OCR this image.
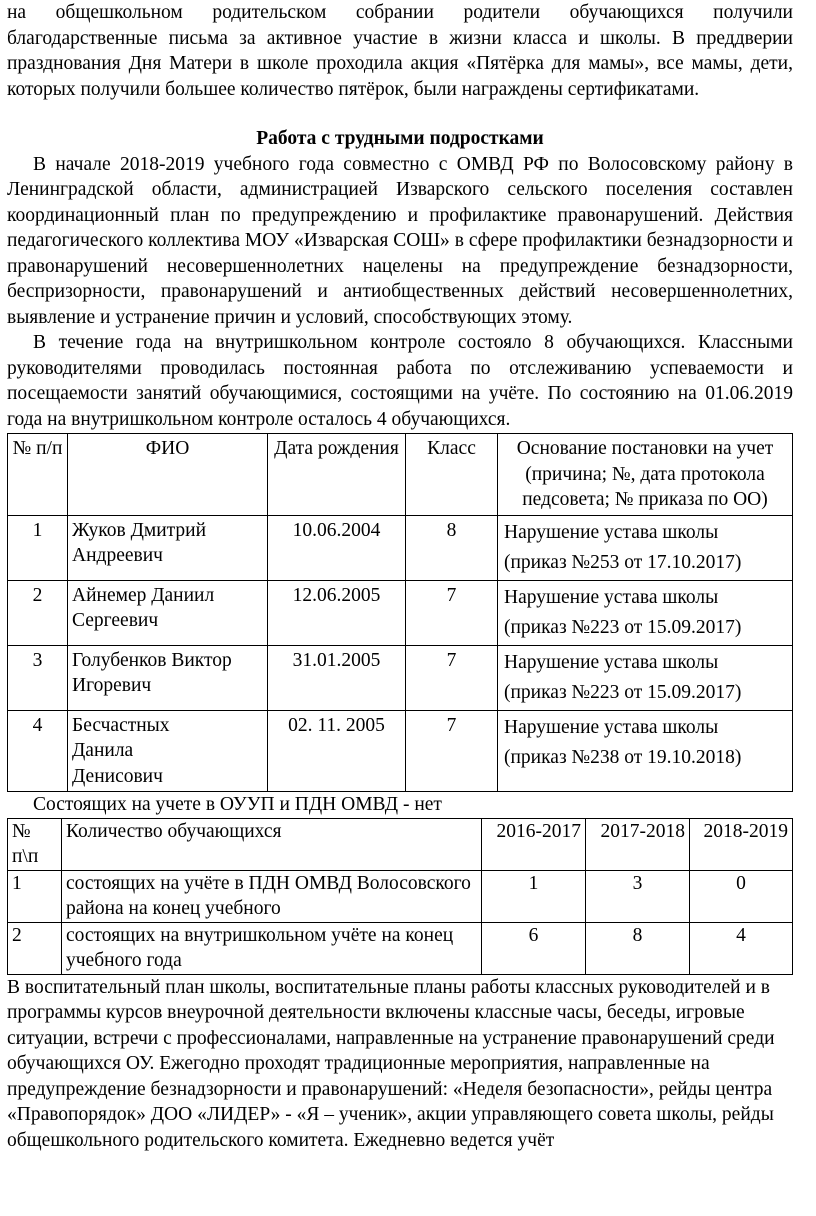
на общешкольном родительском собрании родители обучающихся получили благодарственные письма за активное участие в жизни класса и школы. В преддверии празднования Дня Матери в школе проходила акция «Пятёрка для мамы», все мамы, дети, которых получили большее количество пятёрок, были награждены сертификатами.

Работа с трудными подростками

В начале 2018-2019 учебного года совместно с ОМВД РФ по Волосовскому району в Ленинградской области, администрацией Изварского сельского поселения составлен координационный план по предупреждению и профилактике правонарушений. Действия педагогического коллектива МОУ «Изварская СОШ» в сфере профилактики безнадзорности и правонарушений несовершеннолетних нацелены на предупреждение безнадзорности, беспризорности, правонарушений и антиобщественных действий несовершеннолетних, выявление и устранение причин и условий, способствующих этому.

В течение года на внутришкольном контроле состояло 8 обучающихся. Классными руководителями проводилась постоянная работа по отслеживанию успеваемости и посещаемости занятий обучающимися, состоящими на учёте. По состоянию на 01.06.2019 года на внутришкольном контроле осталось 4 обучающихся.

№ п/п	ФИО	Дата рождения	Класс	Основание постановки на учет (причина; №, дата протокола педсовета; № приказа по ОО)
1	Жуков Дмитрий Андреевич	10.06.2004	8	Нарушение устава школы
(приказ №253 от 17.10.2017)

2	Айнемер Даниил Сергеевич	12.06.2005	7	Нарушение устава школы
(приказ №223 от 15.09.2017)

3	Голубенков Виктор Игоревич	31.01.2005	7	Нарушение устава школы
(приказ №223 от 15.09.2017)

4	Бесчастных Данила Денисович	02. 11. 2005	7	Нарушение устава школы
(приказ №238 от 19.10.2018)

Состоящих на учете в ОУУП и ПДН ОМВД - нет

№ п\п	Количество обучающихся	2016-2017	2017-2018	2018-2019
1	состоящих на учёте в ПДН ОМВД Волосовского района на конец учебного	1	3	0
2	состоящих на внутришкольном учёте на конец учебного года	6	8	4

В воспитательный план школы, воспитательные планы работы классных руководителей и в программы курсов внеурочной деятельности включены классные часы, беседы, игровые ситуации, встречи с профессионалами, направленные на устранение правонарушений среди обучающихся ОУ. Ежегодно проходят традиционные мероприятия, направленные на предупреждение безнадзорности и правонарушений: «Неделя безопасности», рейды центра «Правопорядок» ДОО «ЛИДЕР» - «Я – ученик», акции управляющего совета школы, рейды общешкольного родительского комитета. Ежедневно ведется учёт
